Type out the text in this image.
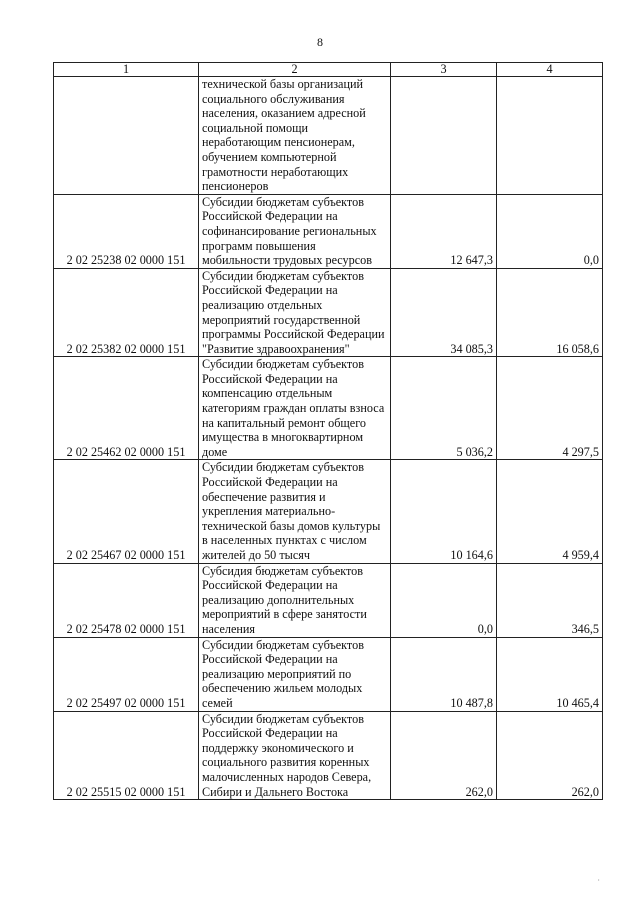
8
1	2	3	4
	технической базы организаций социального обслуживания населения, оказанием адресной социальной помощи неработающим пенсионерам, обучением компьютерной грамотности неработающих пенсионеров		
2 02 25238 02 0000 151	Субсидии бюджетам субъектов Российской Федерации на софинансирование региональных программ повышения мобильности трудовых ресурсов	12 647,3	0,0
2 02 25382 02 0000 151	Субсидии бюджетам субъектов Российской Федерации на реализацию отдельных мероприятий государственной программы Российской Федерации "Развитие здравоохранения"	34 085,3	16 058,6
2 02 25462 02 0000 151	Субсидии бюджетам субъектов Российской Федерации на компенсацию отдельным категориям граждан оплаты взноса на капитальный ремонт общего имущества в многоквартирном доме	5 036,2	4 297,5
2 02 25467 02 0000 151	Субсидии бюджетам субъектов Российской Федерации на обеспечение развития и укрепления материально-технической базы домов культуры в населенных пунктах с числом жителей до 50 тысяч	10 164,6	4 959,4
2 02 25478 02 0000 151	Субсидия бюджетам субъектов Российской Федерации на реализацию дополнительных мероприятий в сфере занятости населения	0,0	346,5
2 02 25497 02 0000 151	Субсидии бюджетам субъектов Российской Федерации на реализацию мероприятий по обеспечению жильем молодых семей	10 487,8	10 465,4
2 02 25515 02 0000 151	Субсидии бюджетам субъектов Российской Федерации на поддержку экономического и социального развития коренных малочисленных народов Севера, Сибири и Дальнего Востока	262,0	262,0
·
